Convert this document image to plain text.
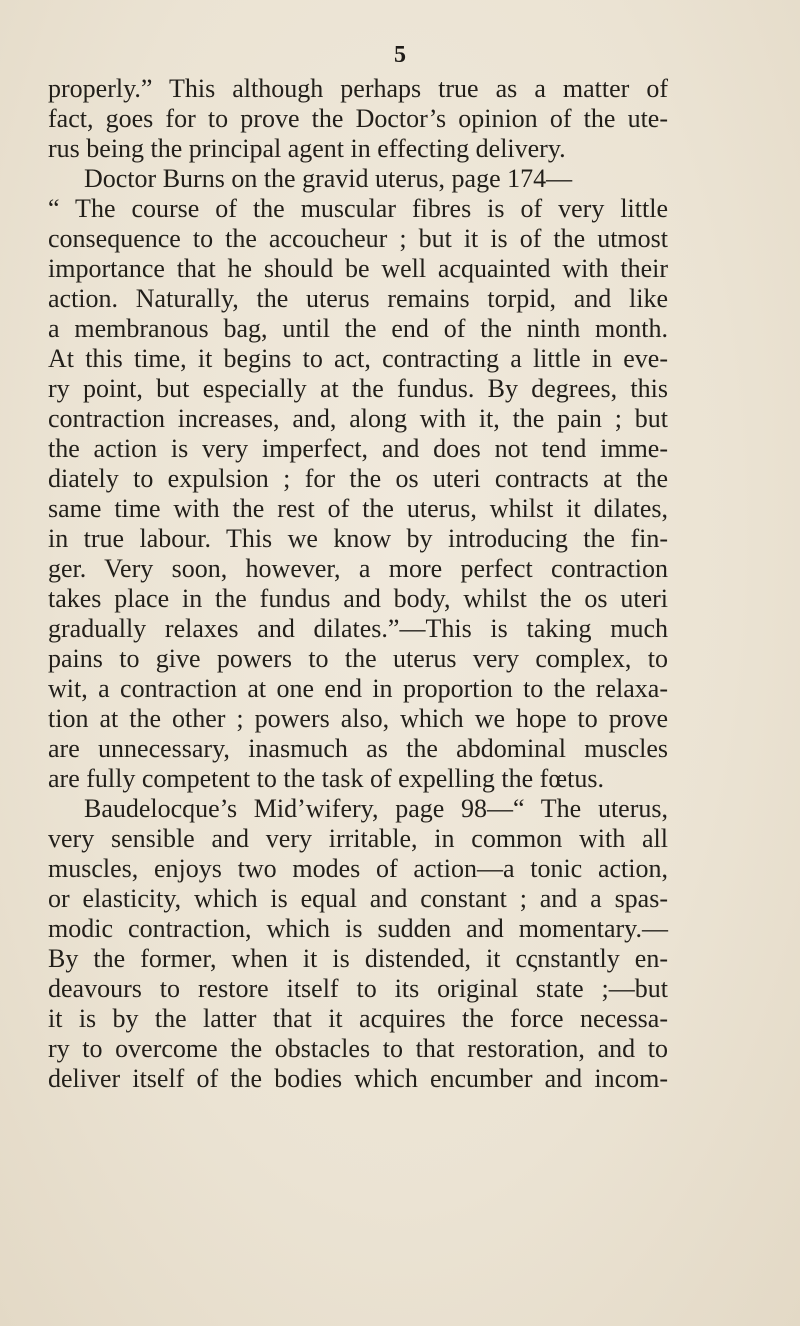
5
properly.” This although perhaps true as a matter of
fact, goes for to prove the Doctor’s opinion of the ute-
rus being the principal agent in effecting delivery.
Doctor Burns on the gravid uterus, page 174—
“ The course of the muscular fibres is of very little
consequence to the accoucheur ; but it is of the utmost
importance that he should be well acquainted with their
action. Naturally, the uterus remains torpid, and like
a membranous bag, until the end of the ninth month.
At this time, it begins to act, contracting a little in eve-
ry point, but especially at the fundus. By degrees, this
contraction increases, and, along with it, the pain ; but
the action is very imperfect, and does not tend imme-
diately to expulsion ; for the os uteri contracts at the
same time with the rest of the uterus, whilst it dilates,
in true labour. This we know by introducing the fin-
ger. Very soon, however, a more perfect contraction
takes place in the fundus and body, whilst the os uteri
gradually relaxes and dilates.”—This is taking much
pains to give powers to the uterus very complex, to
wit, a contraction at one end in proportion to the relaxa-
tion at the other ; powers also, which we hope to prove
are unnecessary, inasmuch as the abdominal muscles
are fully competent to the task of expelling the fœtus.
Baudelocque’s Mid’wifery, page 98—“ The uterus,
very sensible and very irritable, in common with all
muscles, enjoys two modes of action—a tonic action,
or elasticity, which is equal and constant ; and a spas-
modic contraction, which is sudden and momentary.—
By the former, when it is distended, it cςnstantly en-
deavours to restore itself to its original state ;—but
it is by the latter that it acquires the force necessa-
ry to overcome the obstacles to that restoration, and to
deliver itself of the bodies which encumber and incom-
